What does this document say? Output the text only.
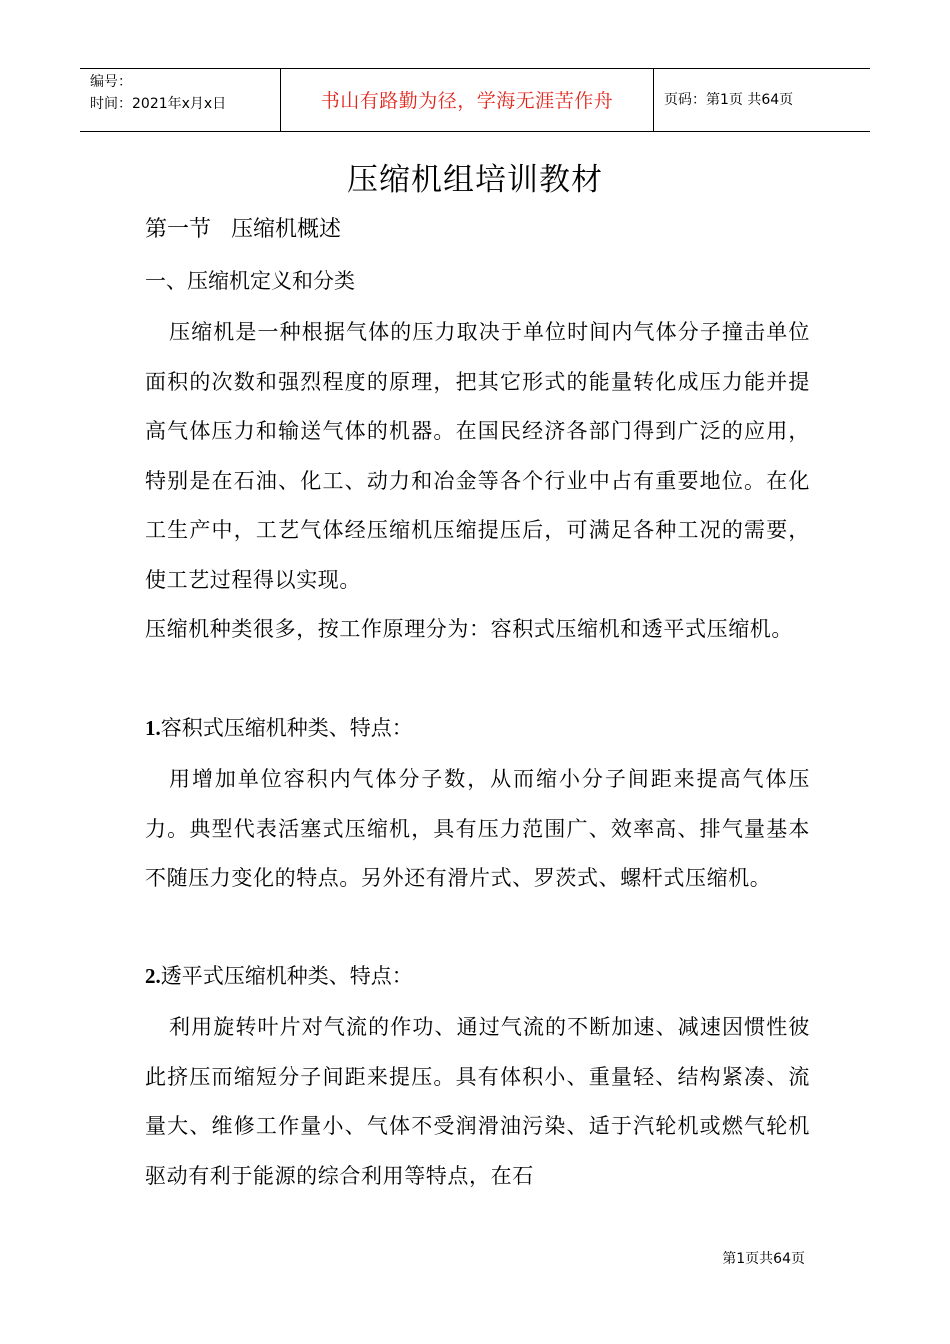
编号：
时间：2021年x月x日	书山有路勤为径，学海无涯苦作舟	页码：第1页 共64页
压缩机组培训教材
第一节 压缩机概述
一、压缩机定义和分类
压缩机是一种根据气体的压力取决于单位时间内气体分子撞击单位面积的次数和强烈程度的原理，把其它形式的能量转化成压力能并提高气体压力和输送气体的机器。在国民经济各部门得到广泛的应用，特别是在石油、化工、动力和冶金等各个行业中占有重要地位。在化工生产中，工艺气体经压缩机压缩提压后，可满足各种工况的需要，使工艺过程得以实现。
压缩机种类很多，按工作原理分为：容积式压缩机和透平式压缩机。
1.容积式压缩机种类、特点：
用增加单位容积内气体分子数，从而缩小分子间距来提高气体压力。典型代表活塞式压缩机，具有压力范围广、效率高、排气量基本不随压力变化的特点。另外还有滑片式、罗茨式、螺杆式压缩机。
2.透平式压缩机种类、特点：
利用旋转叶片对气流的作功、通过气流的不断加速、减速因惯性彼此挤压而缩短分子间距来提压。具有体积小、重量轻、结构紧凑、流量大、维修工作量小、气体不受润滑油污染、适于汽轮机或燃气轮机驱动有利于能源的综合利用等特点，在石
第1页共64页
